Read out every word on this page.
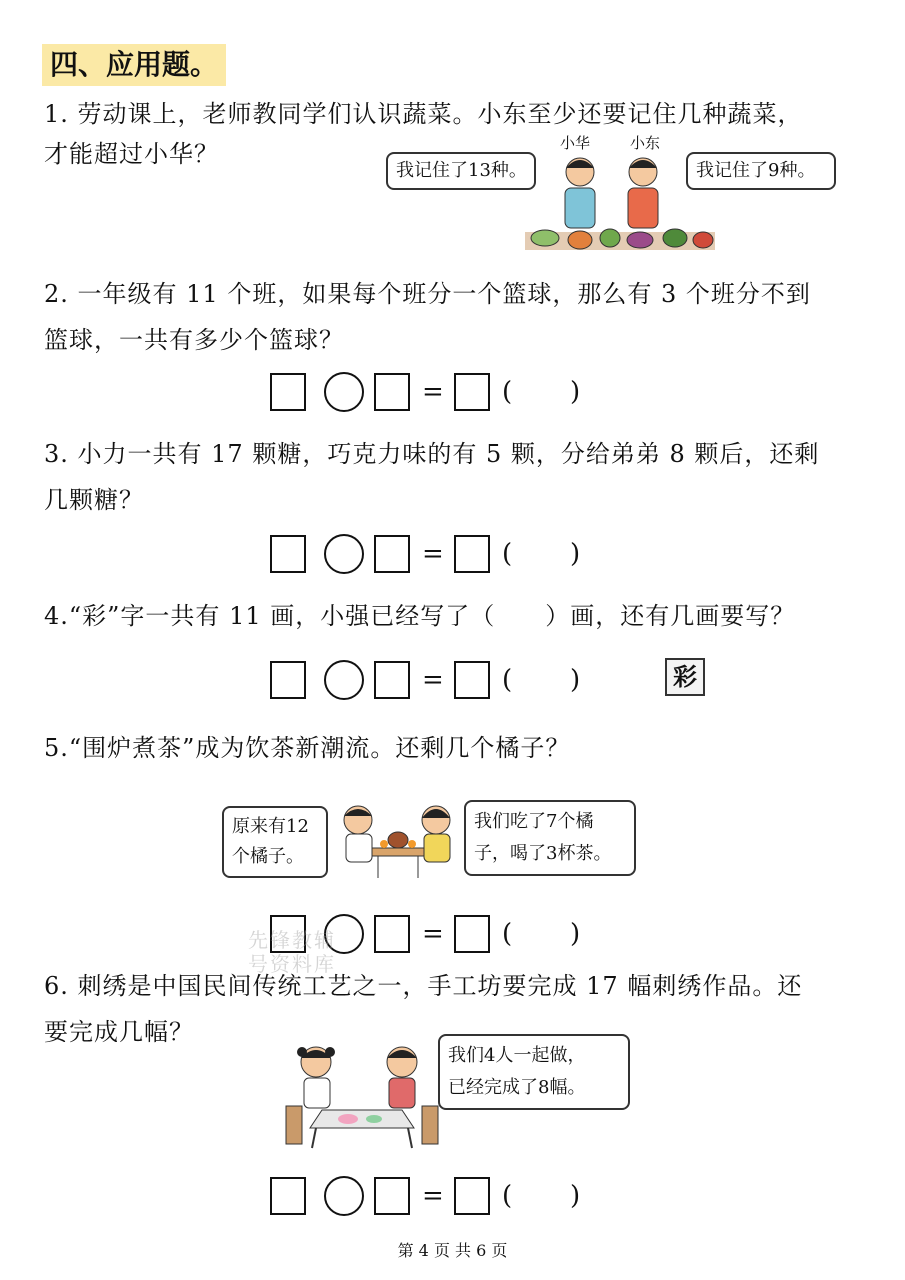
四、应用题。
1. 劳动课上，老师教同学们认识蔬菜。小东至少还要记住几种蔬菜，
才能超过小华？	小华	小东
我记住了13种。	我记住了9种。
2. 一年级有 11 个班，如果每个班分一个篮球，那么有 3 个班分不到
篮球，一共有多少个篮球？
= ( )
3. 小力一共有 17 颗糖，巧克力味的有 5 颗，分给弟弟 8 颗后，还剩
几颗糖？
= ( )
4.“彩”字一共有 11 画，小强已经写了（　　）画，还有几画要写？
= ( )	彩
5.“围炉煮茶”成为饮茶新潮流。还剩几个橘子？
原来有12
个橘子。
我们吃了7个橘
子，喝了3杯茶。
= ( )
先锋教辅
号资料库
6. 刺绣是中国民间传统工艺之一，手工坊要完成 17 幅刺绣作品。还
要完成几幅？
我们4人一起做，
已经完成了8幅。
= ( )
第 4 页 共 6 页
